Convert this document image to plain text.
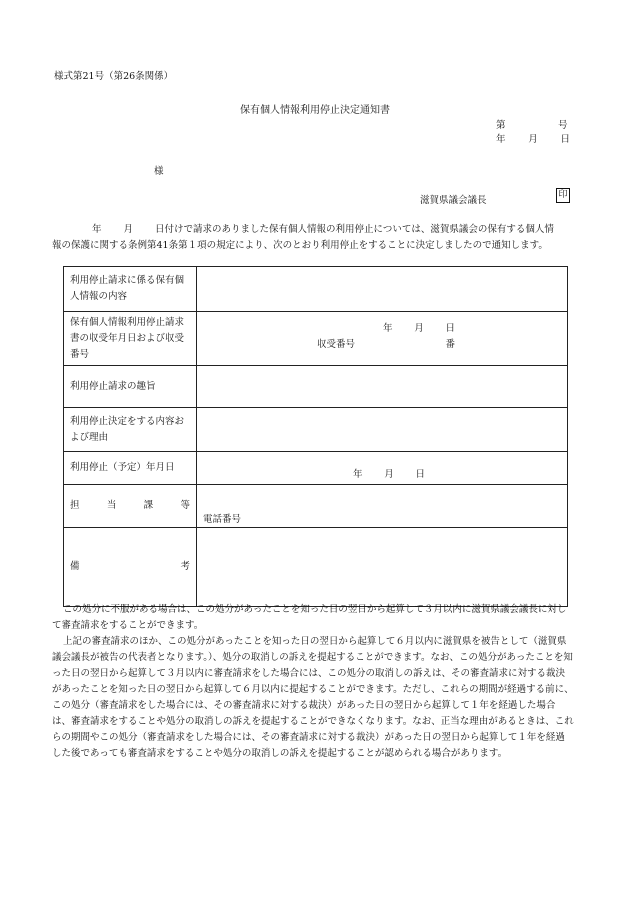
様式第21号（第26条関係）
保有個人情報利用停止決定通知書
第	号
年 月 日
様
滋賀県議会議長	印

年 月 日付けで請求のありました保有個人情報の利用停止については、滋賀県議会の保有する個人情

報の保護に関する条例第41条第１項の規定により、次のとおり利用停止をすることに決定しましたので通知します。

利用停止請求に係る保有個人情報の内容	
保有個人情報利用停止請求書の収受年月日および収受番号	年 月 日
収受番号 番

利用停止請求の趣旨	

利用停止決定をする内容および理由	
利用停止（予定）年月日	年 月 日

担 当 課 等	電話番号

備 考	

この処分に不服がある場合は、この処分があったことを知った日の翌日から起算して３月以内に滋賀県議会議長に対して審査請求をすることができます。

上記の審査請求のほか、この処分があったことを知った日の翌日から起算して６月以内に滋賀県を被告として（滋賀県議会議長が被告の代表者となります。）、処分の取消しの訴えを提起することができます。なお、この処分があったことを知った日の翌日から起算して３月以内に審査請求をした場合には、この処分の取消しの訴えは、その審査請求に対する裁決があったことを知った日の翌日から起算して６月以内に提起することができます。ただし、これらの期間が経過する前に、この処分（審査請求をした場合には、その審査請求に対する裁決）があった日の翌日から起算して１年を経過した場合は、審査請求をすることや処分の取消しの訴えを提起することができなくなります。なお、正当な理由があるときは、これらの期間やこの処分（審査請求をした場合には、その審査請求に対する裁決）があった日の翌日から起算して１年を経過した後であっても審査請求をすることや処分の取消しの訴えを提起することが認められる場合があります。
